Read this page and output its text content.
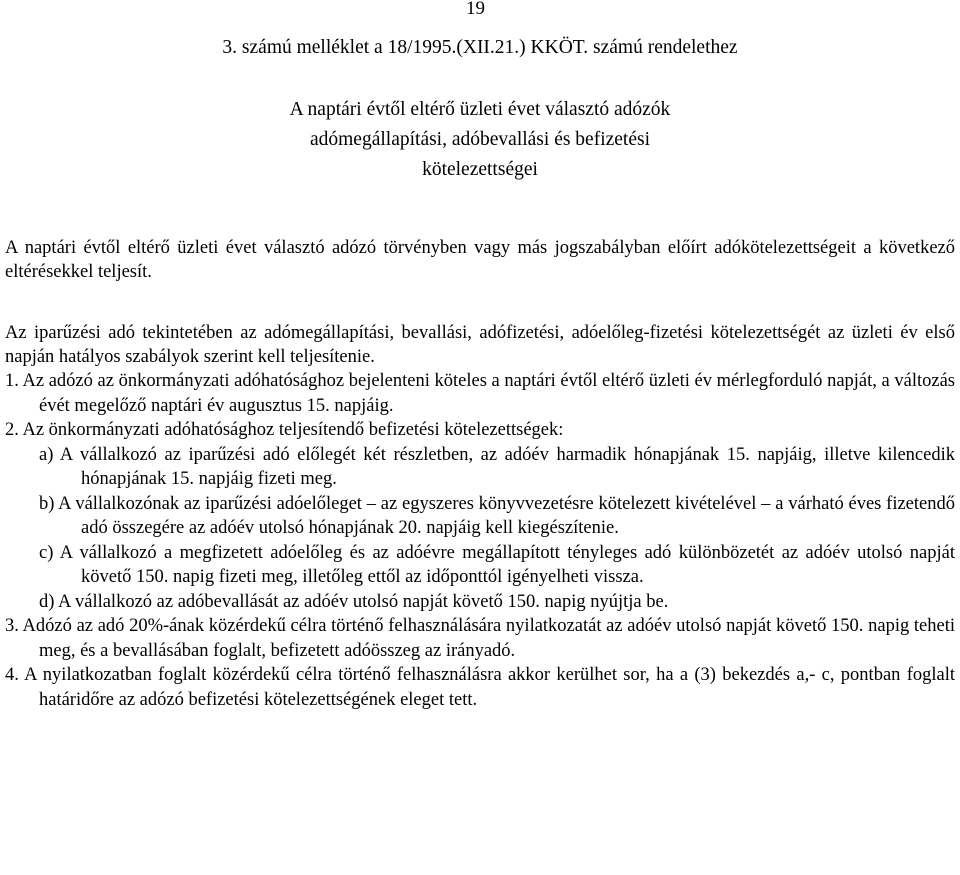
19
3. számú melléklet a 18/1995.(XII.21.) KKÖT. számú rendelethez
A naptári évtől eltérő üzleti évet választó adózók
adómegállapítási, adóbevallási és befizetési
kötelezettségei

A naptári évtől eltérő üzleti évet választó adózó törvényben vagy más jogszabályban előírt adókötelezettségeit a következő eltérésekkel teljesít.

Az iparűzési adó tekintetében az adómegállapítási, bevallási, adófizetési, adóelőleg-fizetési kötelezettségét az üzleti év első napján hatályos szabályok szerint kell teljesítenie.

1. Az adózó az önkormányzati adóhatósághoz bejelenteni köteles a naptári évtől eltérő üzleti év mérlegforduló napját, a változás évét megelőző naptári év augusztus 15. napjáig.

2. Az önkormányzati adóhatósághoz teljesítendő befizetési kötelezettségek:

a) A vállalkozó az iparűzési adó előlegét két részletben, az adóév harmadik hónapjának 15. napjáig, illetve kilencedik hónapjának 15. napjáig fizeti meg.

b) A vállalkozónak az iparűzési adóelőleget – az egyszeres könyvvezetésre kötelezett kivételével – a várható éves fizetendő adó összegére az adóév utolsó hónapjának 20. napjáig kell kiegészítenie.

c) A vállalkozó a megfizetett adóelőleg és az adóévre megállapított tényleges adó különbözetét az adóév utolsó napját követő 150. napig fizeti meg, illetőleg ettől az időponttól igényelheti vissza.

d) A vállalkozó az adóbevallását az adóév utolsó napját követő 150. napig nyújtja be.

3. Adózó az adó 20%-ának közérdekű célra történő felhasználására nyilatkozatát az adóév utolsó napját követő 150. napig teheti meg, és a bevallásában foglalt, befizetett adóösszeg az irányadó.

4. A nyilatkozatban foglalt közérdekű célra történő felhasználásra akkor kerülhet sor, ha a (3) bekezdés a,- c, pontban foglalt határidőre az adózó befizetési kötelezettségének eleget tett.
